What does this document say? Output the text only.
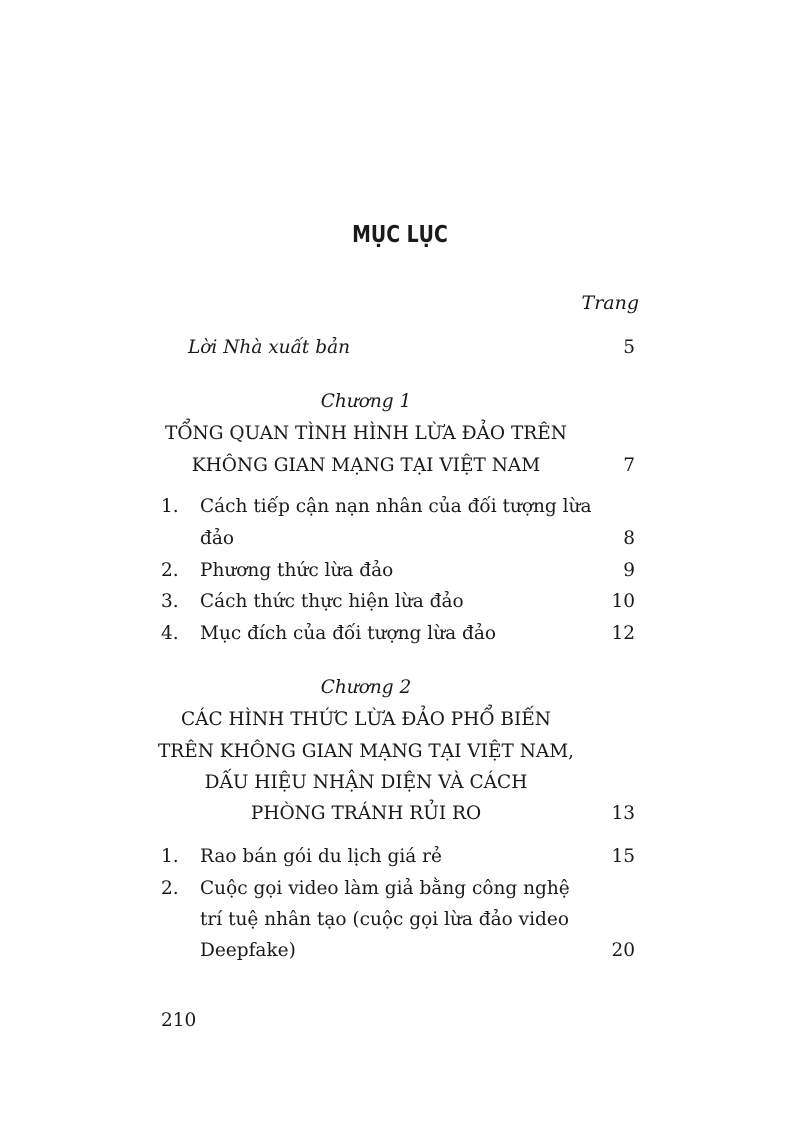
MỤC LỤC
Trang
Lời Nhà xuất bản	5
Chương 1
TỔNG QUAN TÌNH HÌNH LỪA ĐẢO TRÊN
KHÔNG GIAN MẠNG TẠI VIỆT NAM	7
1. Cách tiếp cận nạn nhân của đối tượng lừa
đảo	8
2. Phương thức lừa đảo	9
3. Cách thức thực hiện lừa đảo	10
4. Mục đích của đối tượng lừa đảo	12
Chương 2
CÁC HÌNH THỨC LỪA ĐẢO PHỔ BIẾN
TRÊN KHÔNG GIAN MẠNG TẠI VIỆT NAM,
DẤU HIỆU NHẬN DIỆN VÀ CÁCH
PHÒNG TRÁNH RỦI RO	13
1. Rao bán gói du lịch giá rẻ	15
2. Cuộc gọi video làm giả bằng công nghệ
trí tuệ nhân tạo (cuộc gọi lừa đảo video
Deepfake)	20
210
